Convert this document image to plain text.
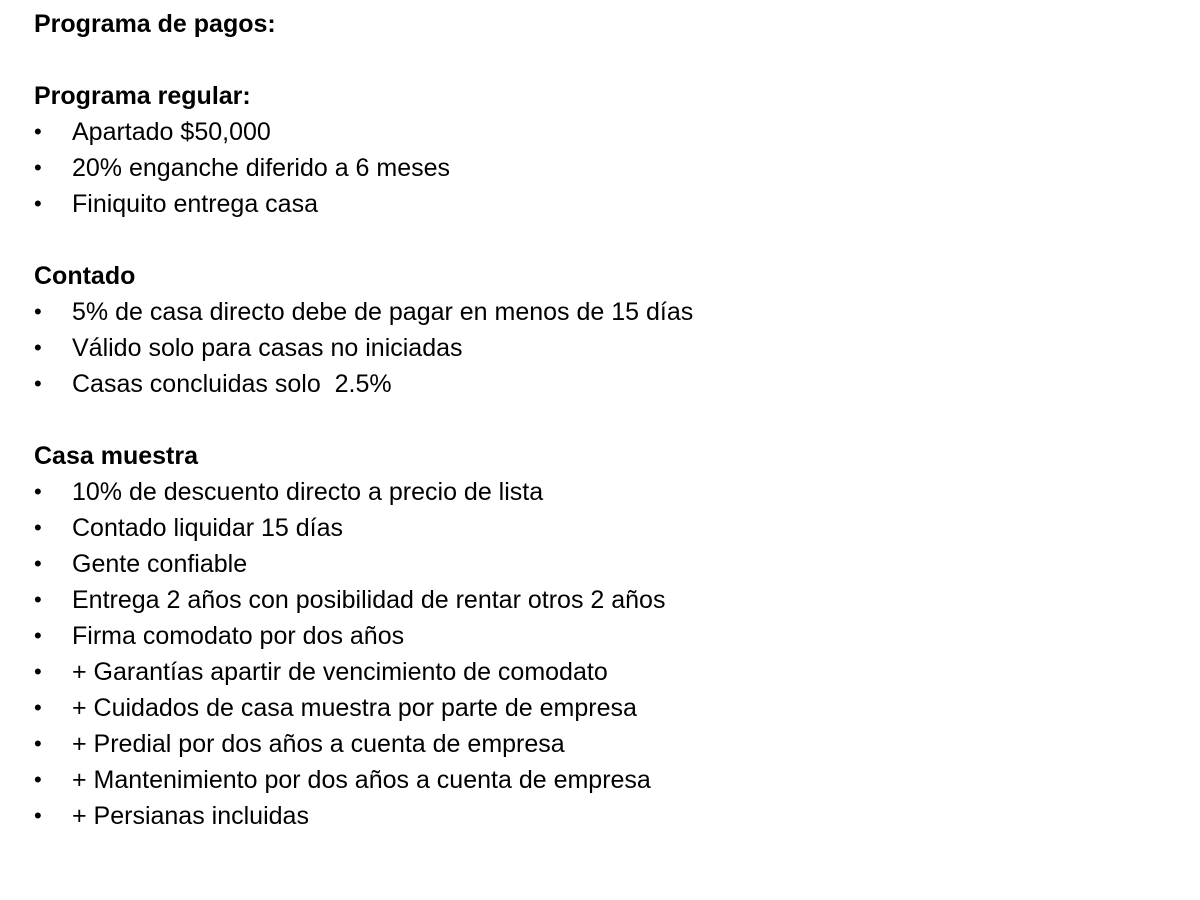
Programa de pagos:
Programa regular:
•	Apartado $50,000
•	20% enganche diferido a 6 meses
•	Finiquito entrega casa
Contado
•	5% de casa directo debe de pagar en menos de 15 días
•	Válido solo para casas no iniciadas
•	Casas concluidas solo  2.5%
Casa muestra
•	10% de descuento directo a precio de lista
•	Contado liquidar 15 días
•	Gente confiable
•	Entrega 2 años con posibilidad de rentar otros 2 años
•	Firma comodato por dos años
•	+ Garantías apartir de vencimiento de comodato
•	+ Cuidados de casa muestra por parte de empresa
•	+ Predial por dos años a cuenta de empresa
•	+ Mantenimiento por dos años a cuenta de empresa
•	+ Persianas incluidas
